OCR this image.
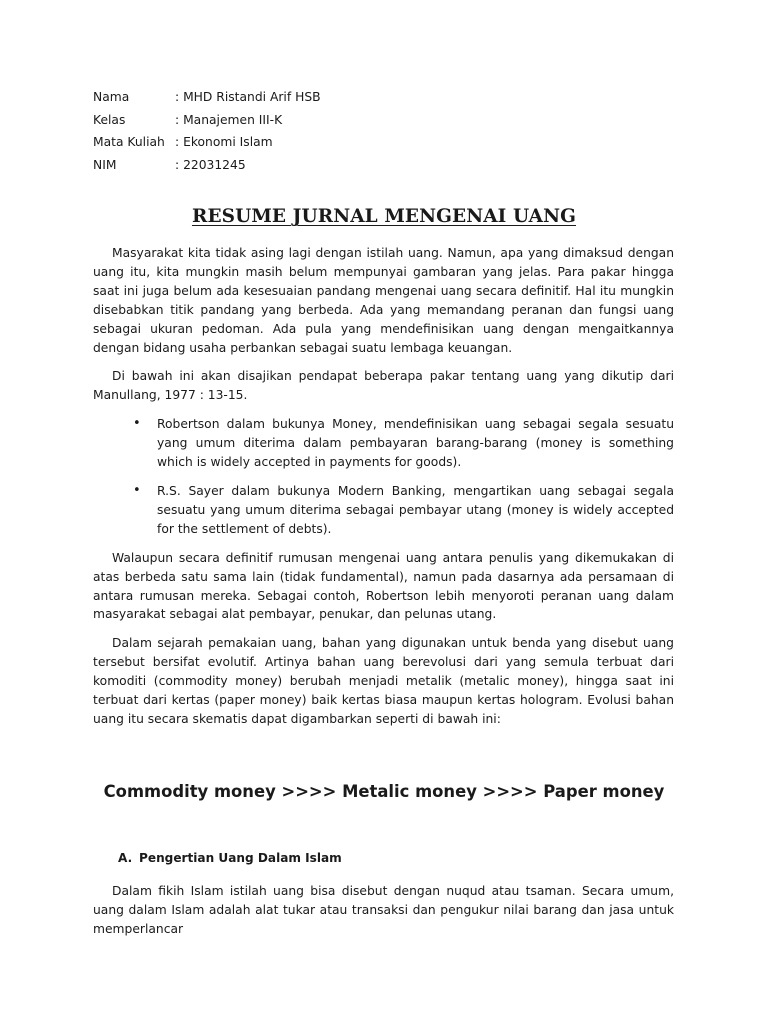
Nama	: MHD Ristandi Arif HSB
Kelas	: Manajemen III-K
Mata Kuliah	: Ekonomi Islam
NIM	: 22031245
RESUME JURNAL MENGENAI UANG

Masyarakat kita tidak asing lagi dengan istilah uang. Namun, apa yang dimaksud dengan uang itu, kita mungkin masih belum mempunyai gambaran yang jelas. Para pakar hingga saat ini juga belum ada kesesuaian pandang mengenai uang secara definitif. Hal itu mungkin disebabkan titik pandang yang berbeda. Ada yang memandang peranan dan fungsi uang sebagai ukuran pedoman. Ada pula yang mendefinisikan uang dengan mengaitkannya dengan bidang usaha perbankan sebagai suatu lembaga keuangan.

Di bawah ini akan disajikan pendapat beberapa pakar tentang uang yang dikutip dari Manullang, 1977 : 13-15.

• Robertson dalam bukunya Money, mendefinisikan uang sebagai segala sesuatu yang umum diterima dalam pembayaran barang-barang (money is something which is widely accepted in payments for goods).
• R.S. Sayer dalam bukunya Modern Banking, mengartikan uang sebagai segala sesuatu yang umum diterima sebagai pembayar utang (money is widely accepted for the settlement of debts).

Walaupun secara definitif rumusan mengenai uang antara penulis yang dikemukakan di atas berbeda satu sama lain (tidak fundamental), namun pada dasarnya ada persamaan di antara rumusan mereka. Sebagai contoh, Robertson lebih menyoroti peranan uang dalam masyarakat sebagai alat pembayar, penukar, dan pelunas utang.

Dalam sejarah pemakaian uang, bahan yang digunakan untuk benda yang disebut uang tersebut bersifat evolutif. Artinya bahan uang berevolusi dari yang semula terbuat dari komoditi (commodity money) berubah menjadi metalik (metalic money), hingga saat ini terbuat dari kertas (paper money) baik kertas biasa maupun kertas hologram. Evolusi bahan uang itu secara skematis dapat digambarkan seperti di bawah ini:

Commodity money >>>> Metalic money >>>> Paper money

A. Pengertian Uang Dalam Islam

Dalam fikih Islam istilah uang bisa disebut dengan nuqud atau tsaman. Secara umum, uang dalam Islam adalah alat tukar atau transaksi dan pengukur nilai barang dan jasa untuk memperlancar
